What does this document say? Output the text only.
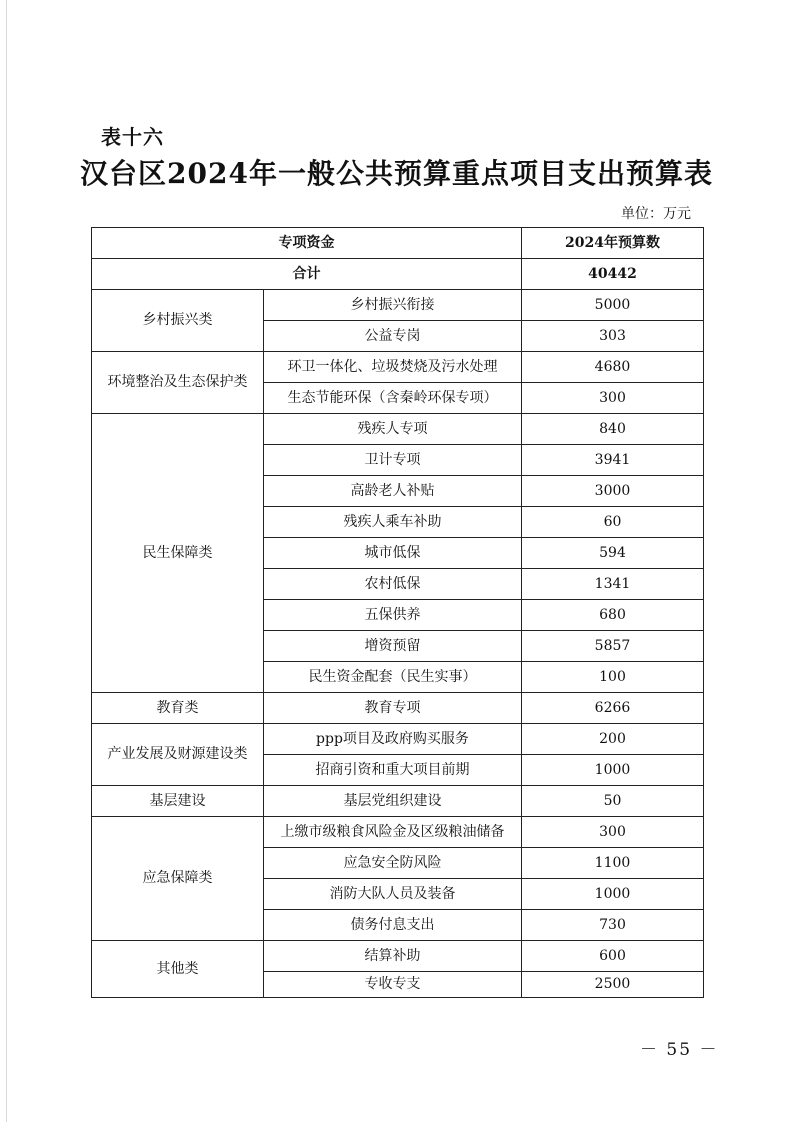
表十六
汉台区2024年一般公共预算重点项目支出预算表
单位：万元
专项资金		2024年预算数
合计		40442
乡村振兴类	乡村振兴衔接	5000
	公益专岗	303
环境整治及生态保护类	环卫一体化、垃圾焚烧及污水处理	4680
	生态节能环保（含秦岭环保专项）	300
民生保障类	残疾人专项	840
	卫计专项	3941
	高龄老人补贴	3000
	残疾人乘车补助	60
	城市低保	594
	农村低保	1341
	五保供养	680
	增资预留	5857
	民生资金配套（民生实事）	100
教育类	教育专项	6266
产业发展及财源建设类	ppp项目及政府购买服务	200
	招商引资和重大项目前期	1000
基层建设	基层党组织建设	50
应急保障类	上缴市级粮食风险金及区级粮油储备	300
	应急安全防风险	1100
	消防大队人员及装备	1000
	债务付息支出	730
其他类	结算补助	600
	专收专支	2500
－ 55 －
